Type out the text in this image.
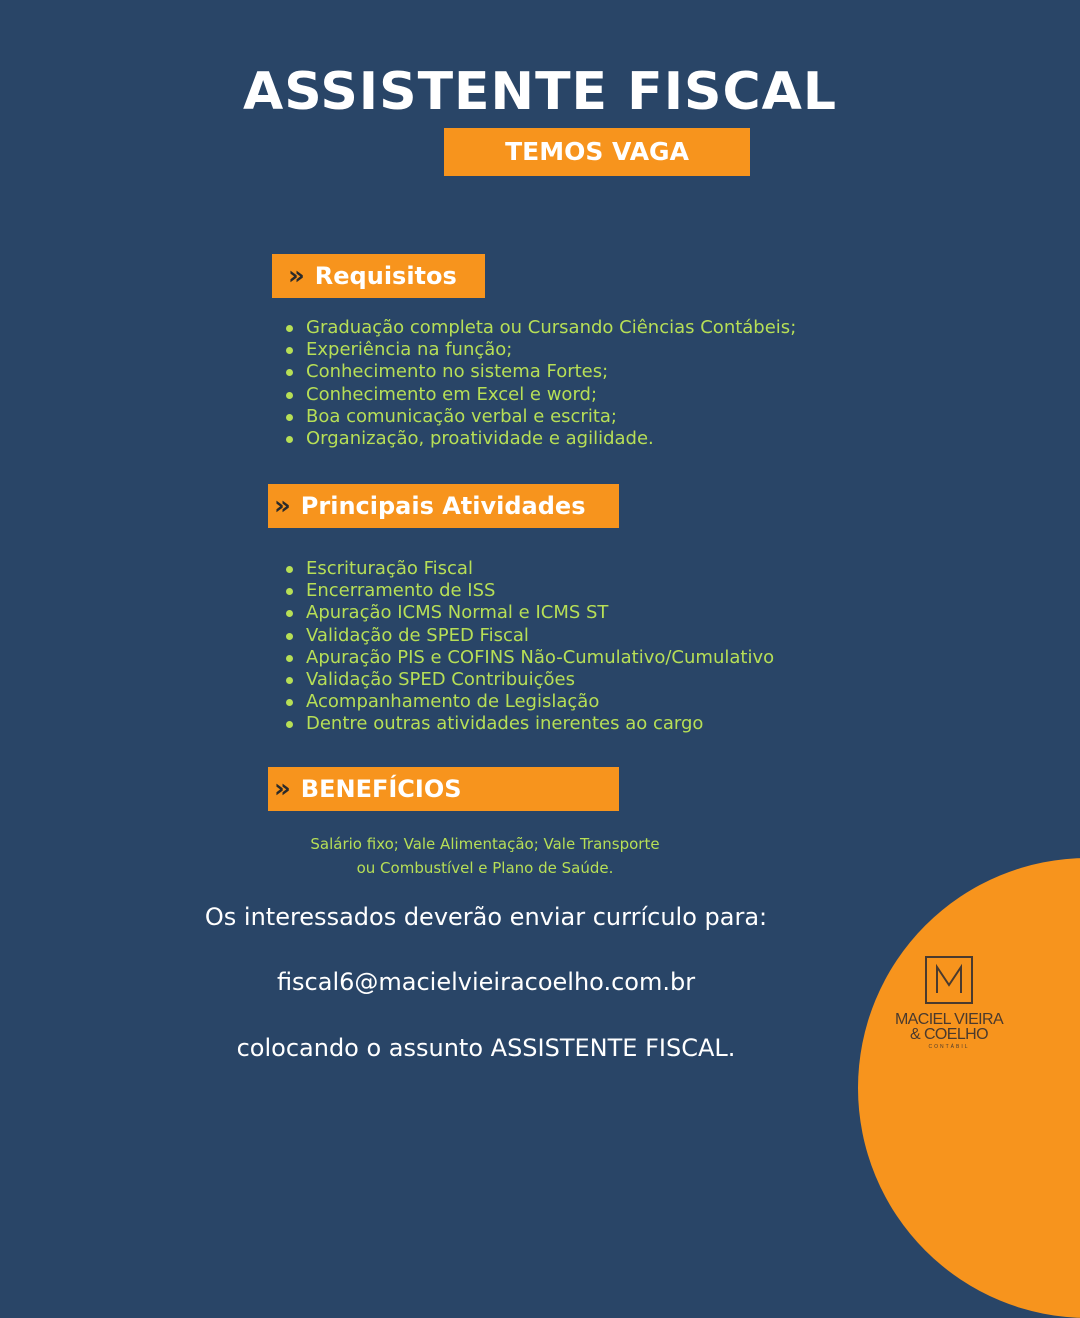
ASSISTENTE FISCAL
TEMOS VAGA
» Requisitos
Graduação completa ou Cursando Ciências Contábeis;
Experiência na função;
Conhecimento no sistema Fortes;
Conhecimento em Excel e word;
Boa comunicação verbal e escrita;
Organização, proatividade e agilidade.
» Principais Atividades
Escrituração Fiscal
Encerramento de ISS
Apuração ICMS Normal e ICMS ST
Validação de SPED Fiscal
Apuração PIS e COFINS Não-Cumulativo/Cumulativo
Validação SPED Contribuições
Acompanhamento de Legislação
Dentre outras atividades inerentes ao cargo
» BENEFÍCIOS
Salário fixo; Vale Alimentação; Vale Transporte
ou Combustível e Plano de Saúde.
Os interessados deverão enviar currículo para:
fiscal6@macielvieiracoelho.com.br
colocando o assunto ASSISTENTE FISCAL.
MACIEL VIEIRA
& COELHO
CONTÁBIL
